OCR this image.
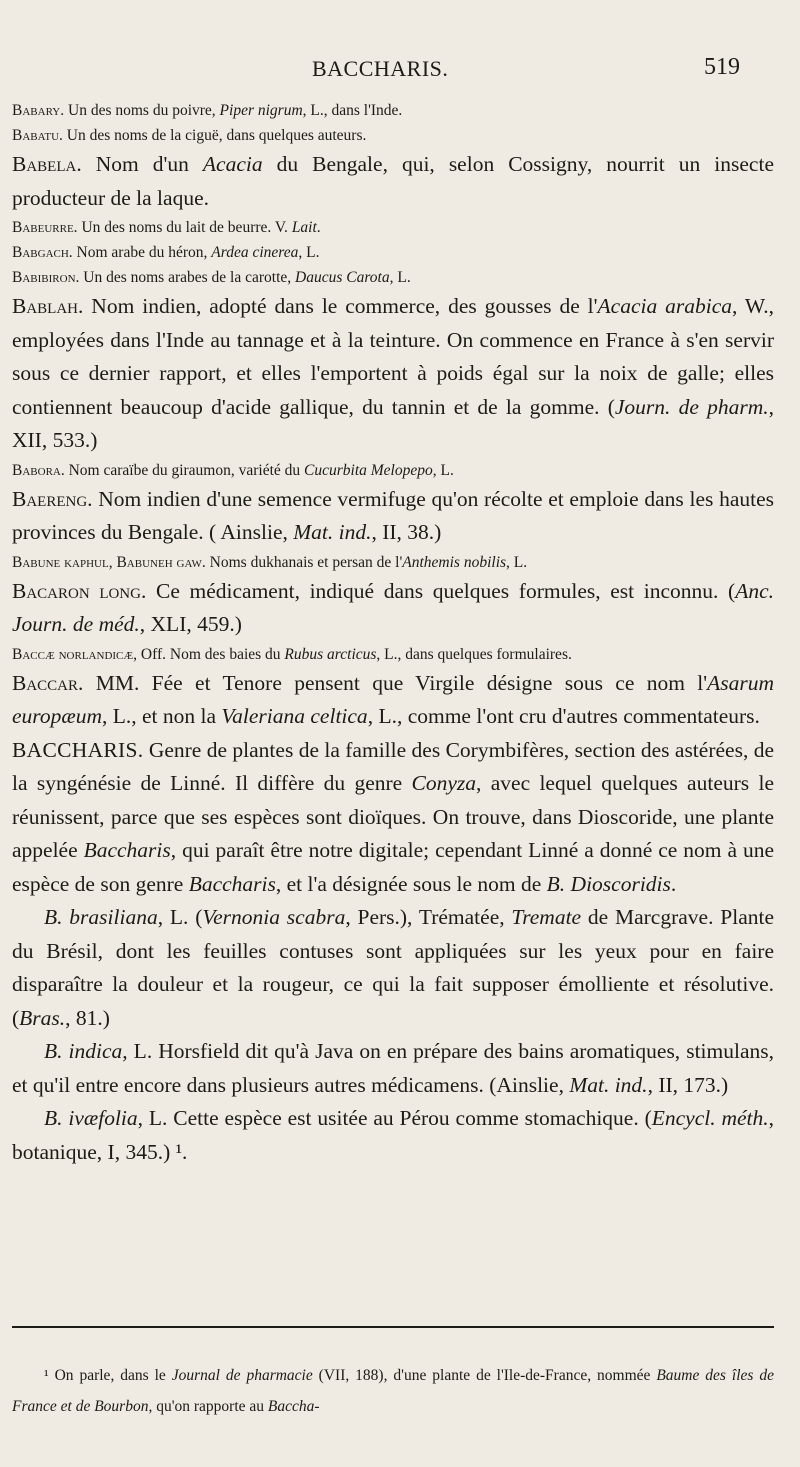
BACCHARIS.	519

Babary. Un des noms du poivre, Piper nigrum, L., dans l'Inde.

Babatu. Un des noms de la ciguë, dans quelques auteurs.

Babela. Nom d'un Acacia du Bengale, qui, selon Cossigny, nourrit un insecte producteur de la laque.

Babeurre. Un des noms du lait de beurre. V. Lait.

Babgach. Nom arabe du héron, Ardea cinerea, L.

Babibiron. Un des noms arabes de la carotte, Daucus Carota, L.

Bablah. Nom indien, adopté dans le commerce, des gousses de l'Acacia arabica, W., employées dans l'Inde au tannage et à la teinture. On commence en France à s'en servir sous ce dernier rapport, et elles l'emportent à poids égal sur la noix de galle; elles contiennent beaucoup d'acide gallique, du tannin et de la gomme. (Journ. de pharm., XII, 533.)

Babora. Nom caraïbe du giraumon, variété du Cucurbita Melopepo, L.

Baereng. Nom indien d'une semence vermifuge qu'on récolte et emploie dans les hautes provinces du Bengale. ( Ainslie, Mat. ind., II, 38.)

Babune kaphul, Babuneh gaw. Noms dukhanais et persan de l'Anthemis nobilis, L.

Bacaron long. Ce médicament, indiqué dans quelques formules, est inconnu. (Anc. Journ. de méd., XLI, 459.)

Baccæ norlandicæ, Off. Nom des baies du Rubus arcticus, L., dans quelques formulaires.

Baccar. MM. Fée et Tenore pensent que Virgile désigne sous ce nom l'Asarum europæum, L., et non la Valeriana celtica, L., comme l'ont cru d'autres commentateurs.

BACCHARIS. Genre de plantes de la famille des Corymbifères, section des astérées, de la syngénésie de Linné. Il diffère du genre Conyza, avec lequel quelques auteurs le réunissent, parce que ses espèces sont dioïques. On trouve, dans Dioscoride, une plante appelée Baccharis, qui paraît être notre digitale; cependant Linné a donné ce nom à une espèce de son genre Baccharis, et l'a désignée sous le nom de B. Dioscoridis.

B. brasiliana, L. (Vernonia scabra, Pers.), Trématée, Tremate de Marcgrave. Plante du Brésil, dont les feuilles contuses sont appliquées sur les yeux pour en faire disparaître la douleur et la rougeur, ce qui la fait supposer émolliente et résolutive. (Bras., 81.)

B. indica, L. Horsfield dit qu'à Java on en prépare des bains aromatiques, stimulans, et qu'il entre encore dans plusieurs autres médicamens. (Ainslie, Mat. ind., II, 173.)

B. ivæfolia, L. Cette espèce est usitée au Pérou comme stomachique. (Encycl. méth., botanique, I, 345.) ¹.

¹ On parle, dans le Journal de pharmacie (VII, 188), d'une plante de l'Ile-de-France, nommée Baume des îles de France et de Bourbon, qu'on rapporte au Baccha-
